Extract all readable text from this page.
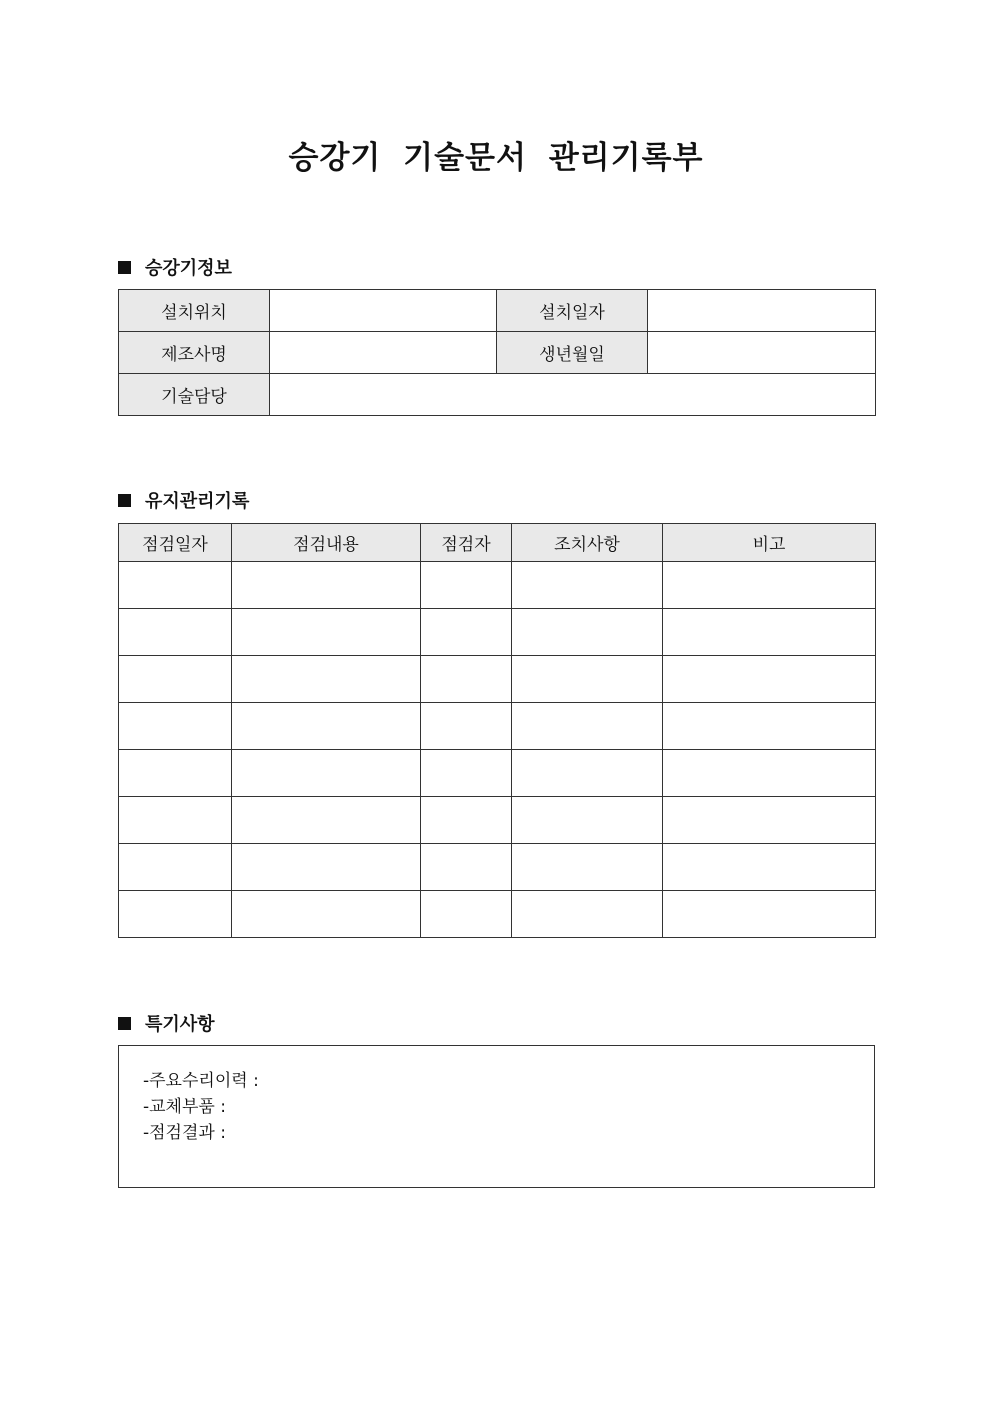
승강기 기술문서 관리기록부
승강기정보
설치위치		설치일자	
제조사명		생년월일	
기술담당			
유지관리기록
점검일자	점검내용	점검자	조치사항	비고

특기사항
-주요수리이력 :
-교체부품 :
-점검결과 :
